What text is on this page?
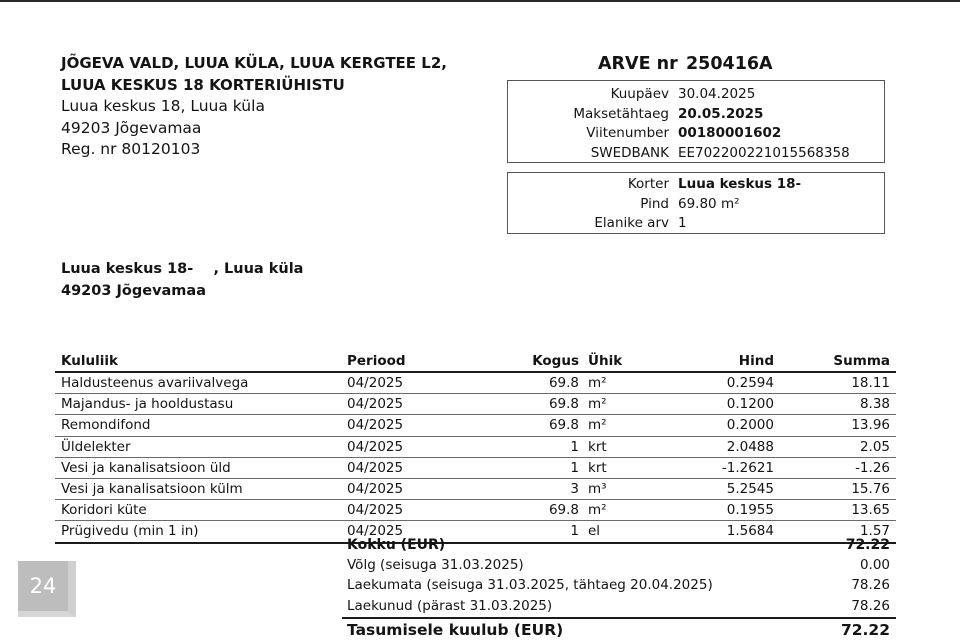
JÕGEVA VALD, LUUA KÜLA, LUUA KERGTEE L2,
LUUA KESKUS 18 KORTERIÜHISTU
Luua keskus 18, Luua küla
49203 Jõgevamaa
Reg. nr 80120103
ARVE nr 250416A
Kuupäev 30.04.2025
Maksetähtaeg 20.05.2025
Viitenumber 00180001602
SWEDBANK EE702200221015568358
Korter Luua keskus 18-
Pind 69.80 m²
Elanike arv 1
Luua keskus 18-    , Luua küla
49203 Jõgevamaa
Kululiik	Periood	Kogus Ühik	Hind	Summa
Haldusteenus avariivalvega	04/2025	69.8 m²	0.2594	18.11
Majandus- ja hooldustasu	04/2025	69.8 m²	0.1200	8.38
Remondifond	04/2025	69.8 m²	0.2000	13.96
Üldelekter	04/2025	1 krt	2.0488	2.05
Vesi ja kanalisatsioon üld	04/2025	1 krt	-1.2621	-1.26
Vesi ja kanalisatsioon külm	04/2025	3 m³	5.2545	15.76
Koridori küte	04/2025	69.8 m²	0.1955	13.65
Prügivedu (min 1 in)	04/2025	1 el	1.5684	1.57
Kokku (EUR)	72.22
Võlg (seisuga 31.03.2025)	0.00
Laekumata (seisuga 31.03.2025, tähtaeg 20.04.2025)	78.26
Laekunud (pärast 31.03.2025)	78.26
Tasumisele kuulub (EUR)	72.22
24
